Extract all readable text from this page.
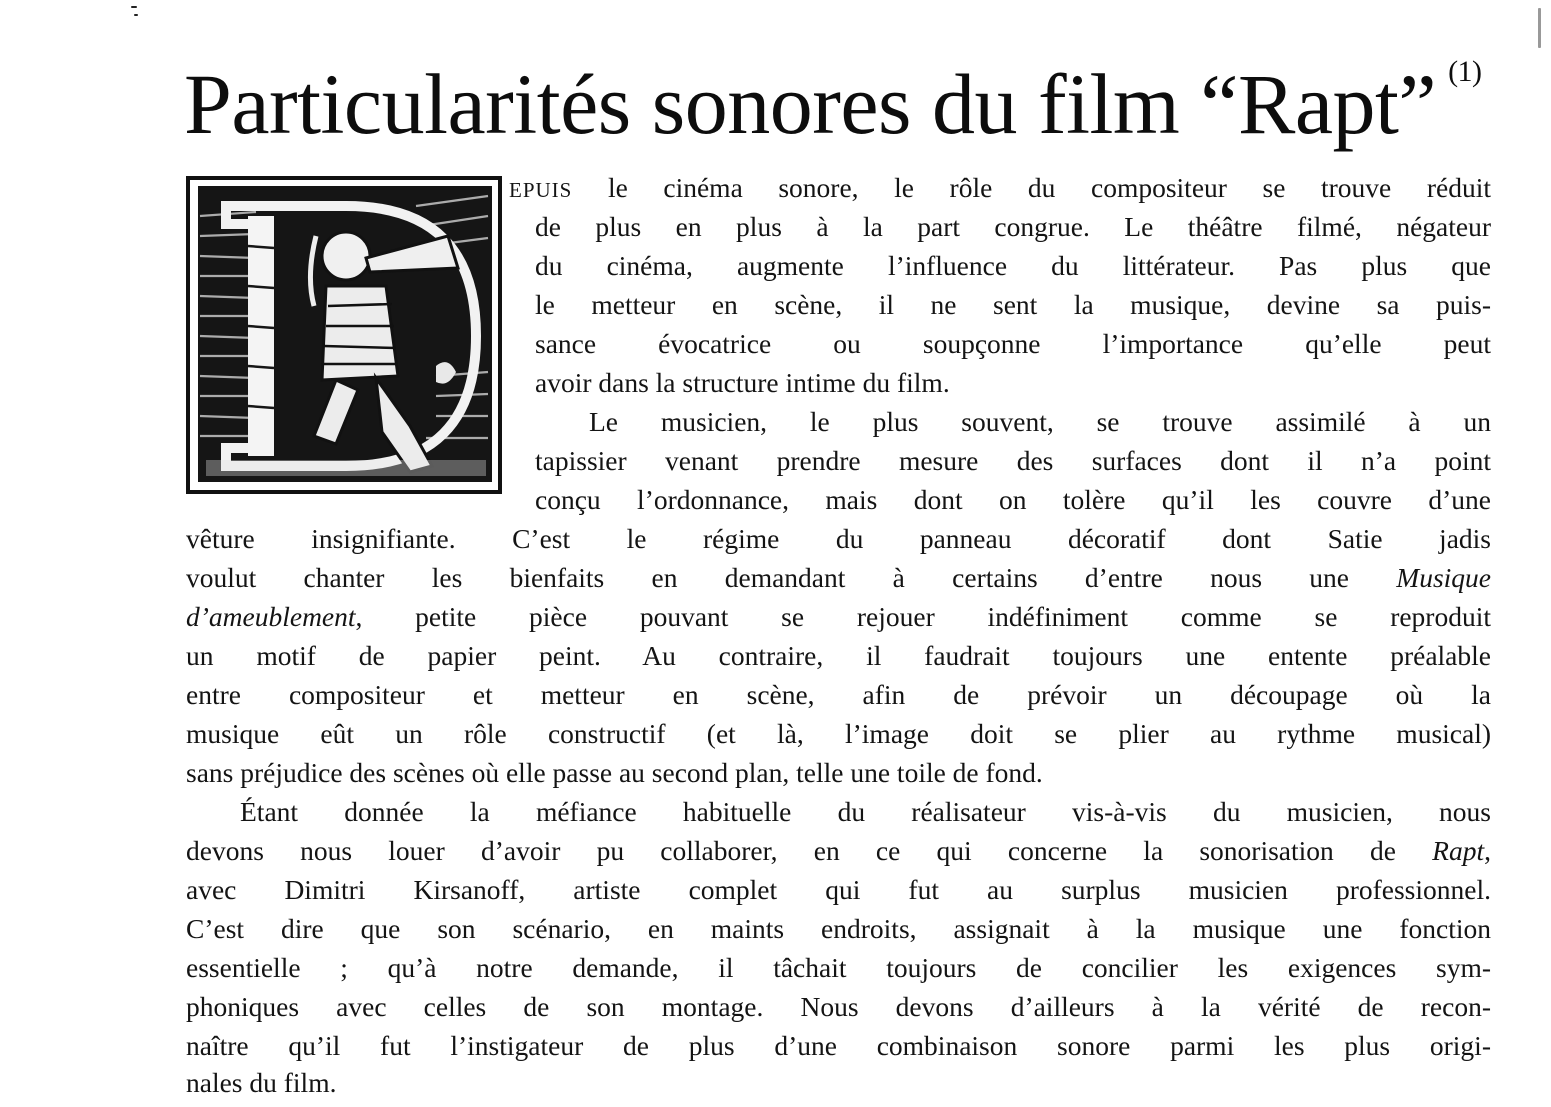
Particularités sonores du film “Rapt” $^{(1)}$
EPUIS le cinéma sonore, le rôle du compositeur se trouve réduit
de plus en plus à la part congrue. Le théâtre filmé, négateur
du cinéma, augmente l’influence du littérateur. Pas plus que
le metteur en scène, il ne sent la musique, devine sa puis-
sance évocatrice ou soupçonne l’importance qu’elle peut
avoir dans la structure intime du film.
Le musicien, le plus souvent, se trouve assimilé à un
tapissier venant prendre mesure des surfaces dont il n’a point
conçu l’ordonnance, mais dont on tolère qu’il les couvre d’une
vêture insignifiante. C’est le régime du panneau décoratif dont Satie jadis
voulut chanter les bienfaits en demandant à certains d’entre nous une Musique
d’ameublement, petite pièce pouvant se rejouer indéfiniment comme se reproduit
un motif de papier peint. Au contraire, il faudrait toujours une entente préalable
entre compositeur et metteur en scène, afin de prévoir un découpage où la
musique eût un rôle constructif (et là, l’image doit se plier au rythme musical)
sans préjudice des scènes où elle passe au second plan, telle une toile de fond.
Étant donnée la méfiance habituelle du réalisateur vis-à-vis du musicien, nous
devons nous louer d’avoir pu collaborer, en ce qui concerne la sonorisation de Rapt,
avec Dimitri Kirsanoff, artiste complet qui fut au surplus musicien professionnel.
C’est dire que son scénario, en maints endroits, assignait à la musique une fonction
essentielle ; qu’à notre demande, il tâchait toujours de concilier les exigences sym-
phoniques avec celles de son montage. Nous devons d’ailleurs à la vérité de recon-
naître qu’il fut l’instigateur de plus d’une combinaison sonore parmi les plus origi-
nales du film.
